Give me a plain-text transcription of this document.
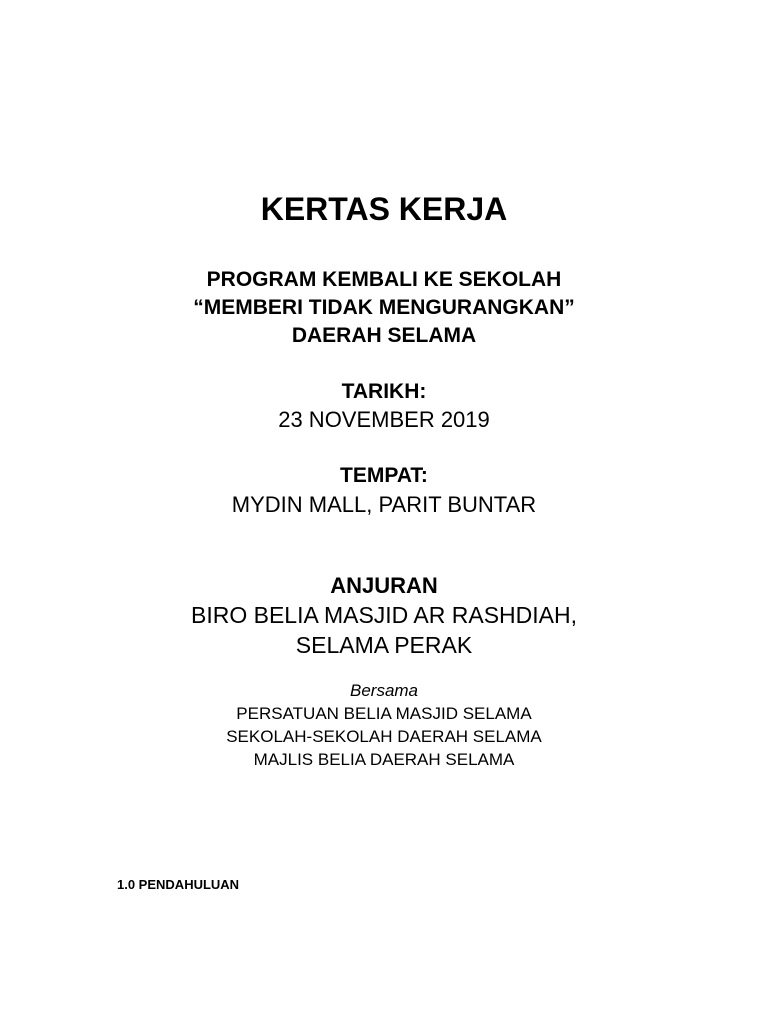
KERTAS KERJA

PROGRAM KEMBALI KE SEKOLAH

“MEMBERI TIDAK MENGURANGKAN”

DAERAH SELAMA

TARIKH:

23 NOVEMBER 2019

TEMPAT:

MYDIN MALL, PARIT BUNTAR

ANJURAN

BIRO BELIA MASJID AR RASHDIAH,

SELAMA PERAK

Bersama

PERSATUAN BELIA MASJID SELAMA

SEKOLAH-SEKOLAH DAERAH SELAMA

MAJLIS BELIA DAERAH SELAMA

1.0 PENDAHULUAN
